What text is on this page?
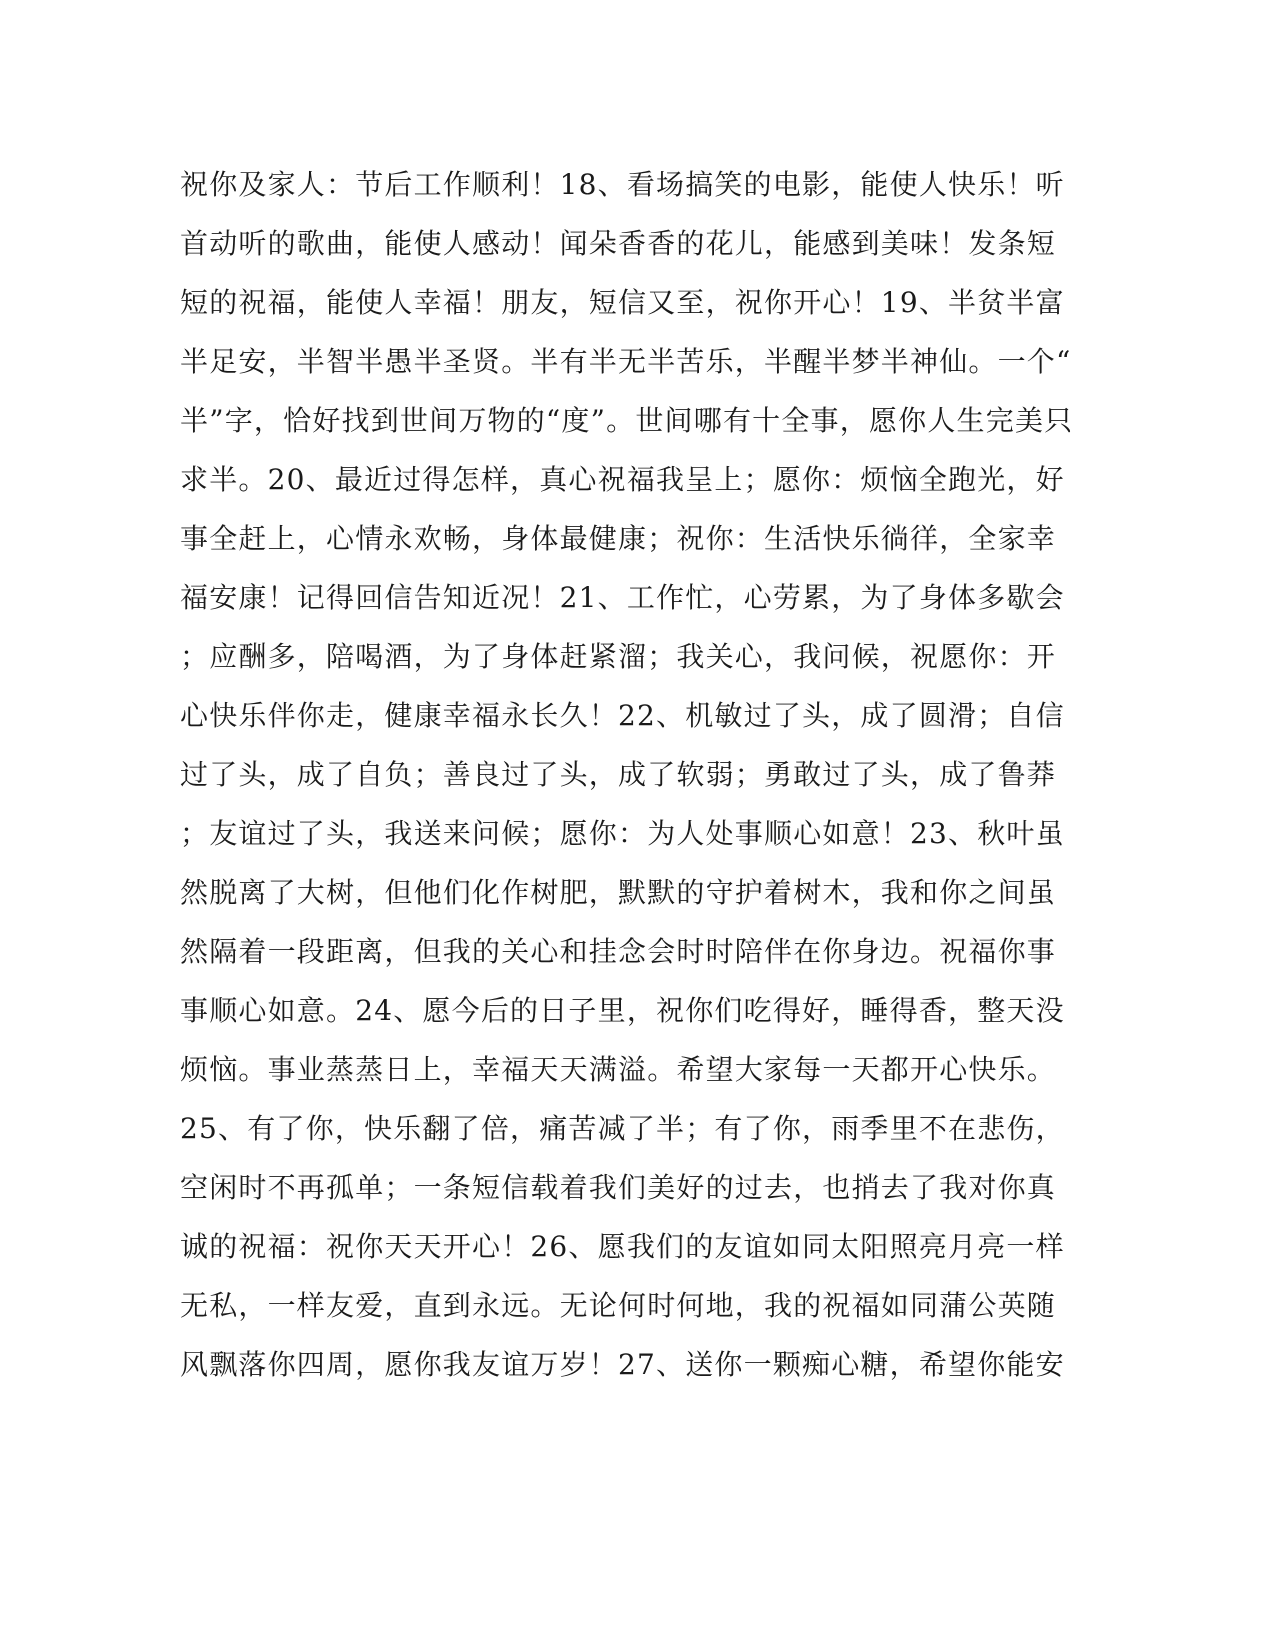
祝你及家人：节后工作顺利！18、看场搞笑的电影，能使人快乐！听
首动听的歌曲，能使人感动！闻朵香香的花儿，能感到美味！发条短
短的祝福，能使人幸福！朋友，短信又至，祝你开心！19、半贫半富
半足安，半智半愚半圣贤。半有半无半苦乐，半醒半梦半神仙。一个“
半”字，恰好找到世间万物的“度”。世间哪有十全事，愿你人生完美只
求半。20、最近过得怎样，真心祝福我呈上；愿你：烦恼全跑光，好
事全赶上，心情永欢畅，身体最健康；祝你：生活快乐徜徉，全家幸
福安康！记得回信告知近况！21、工作忙，心劳累，为了身体多歇会
；应酬多，陪喝酒，为了身体赶紧溜；我关心，我问候，祝愿你：开
心快乐伴你走，健康幸福永长久！22、机敏过了头，成了圆滑；自信
过了头，成了自负；善良过了头，成了软弱；勇敢过了头，成了鲁莽
；友谊过了头，我送来问候；愿你：为人处事顺心如意！23、秋叶虽
然脱离了大树，但他们化作树肥，默默的守护着树木，我和你之间虽
然隔着一段距离，但我的关心和挂念会时时陪伴在你身边。祝福你事
事顺心如意。24、愿今后的日子里，祝你们吃得好，睡得香，整天没
烦恼。事业蒸蒸日上，幸福天天满溢。希望大家每一天都开心快乐。
25、有了你，快乐翻了倍，痛苦减了半；有了你，雨季里不在悲伤，
空闲时不再孤单；一条短信载着我们美好的过去，也捎去了我对你真
诚的祝福：祝你天天开心！26、愿我们的友谊如同太阳照亮月亮一样
无私，一样友爱，直到永远。无论何时何地，我的祝福如同蒲公英随
风飘落你四周，愿你我友谊万岁！27、送你一颗痴心糖，希望你能安
